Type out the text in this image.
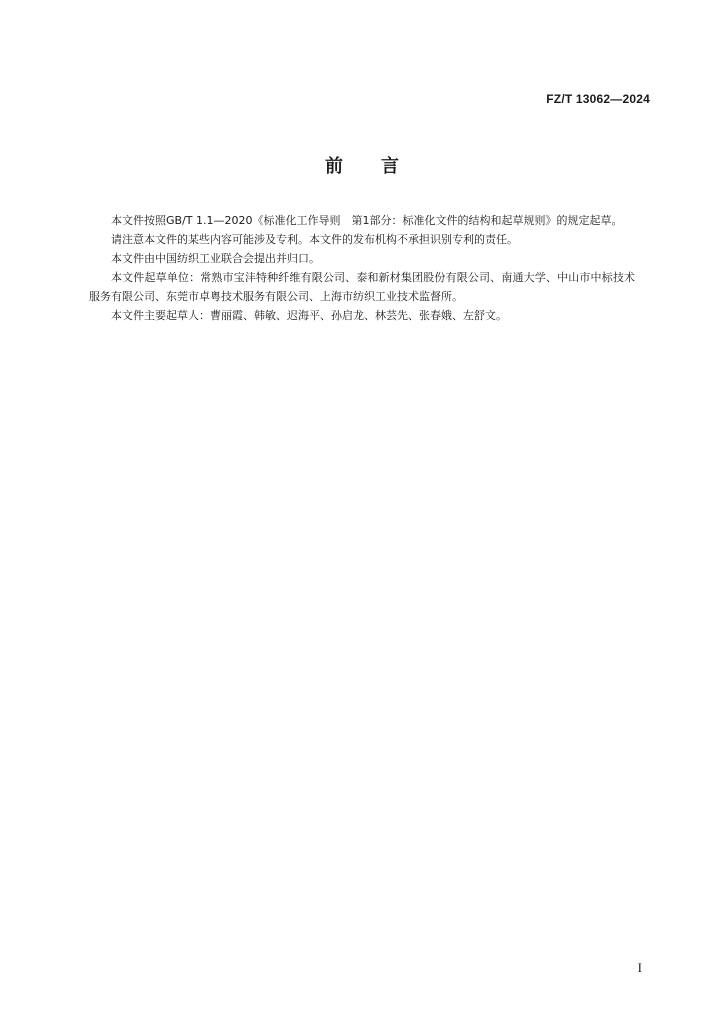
FZ/T 13062—2024
前 言

本文件按照GB/T 1.1—2020《标准化工作导则　第1部分：标准化文件的结构和起草规则》的规定起草。

请注意本文件的某些内容可能涉及专利。本文件的发布机构不承担识别专利的责任。

本文件由中国纺织工业联合会提出并归口。

本文件起草单位：常熟市宝沣特种纤维有限公司、泰和新材集团股份有限公司、南通大学、中山市中标技术服务有限公司、东莞市卓粤技术服务有限公司、上海市纺织工业技术监督所。

本文件主要起草人：曹丽霞、韩敏、迟海平、孙启龙、林芸先、张春娥、左舒文。

I
